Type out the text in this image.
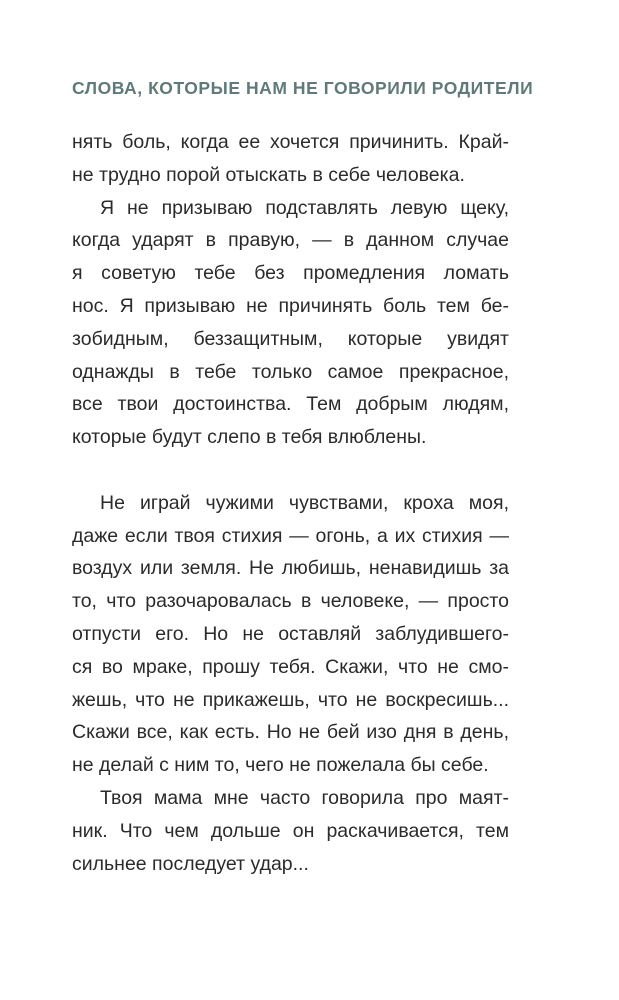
СЛОВА, КОТОРЫЕ НАМ НЕ ГОВОРИЛИ РОДИТЕЛИ
нять боль, когда ее хочется причинить. Край-
не трудно порой отыскать в себе человека.
Я не призываю подставлять левую щеку,
когда ударят в правую, — в данном случае
я советую тебе без промедления ломать
нос. Я призываю не причинять боль тем бе-
зобидным, беззащитным, которые увидят
однажды в тебе только самое прекрасное,
все твои достоинства. Тем добрым людям,
которые будут слепо в тебя влюблены.
Не играй чужими чувствами, кроха моя,
даже если твоя стихия — огонь, а их стихия —
воздух или земля. Не любишь, ненавидишь за
то, что разочаровалась в человеке, — просто
отпусти его. Но не оставляй заблудившего-
ся во мраке, прошу тебя. Скажи, что не смо-
жешь, что не прикажешь, что не воскресишь...
Скажи все, как есть. Но не бей изо дня в день,
не делай с ним то, чего не пожелала бы себе.
Твоя мама мне часто говорила про маят-
ник. Что чем дольше он раскачивается, тем
сильнее последует удар...
